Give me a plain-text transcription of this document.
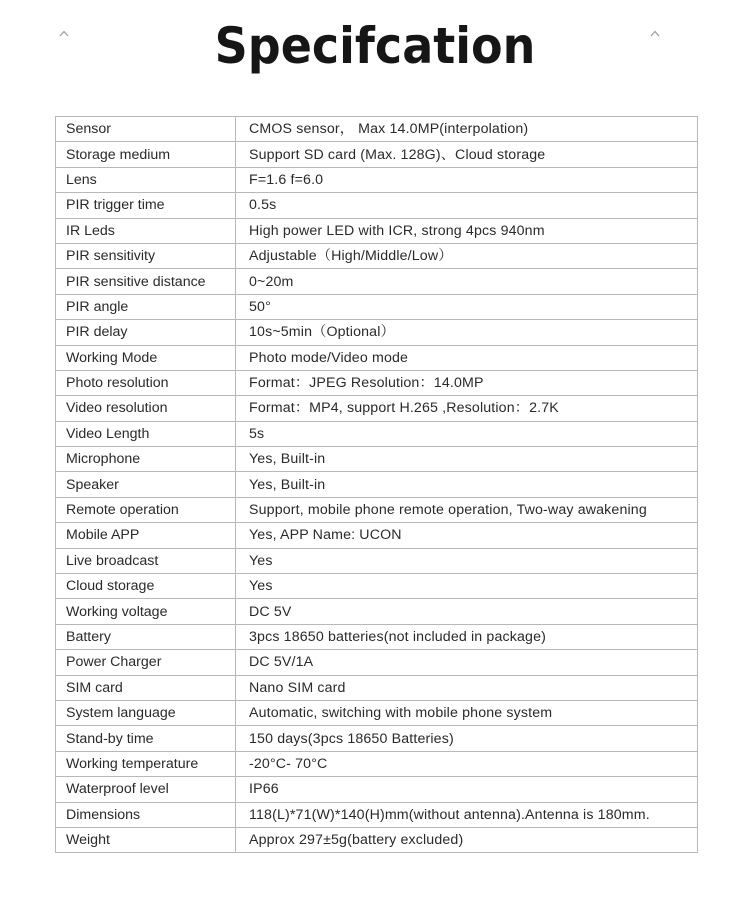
Specifcation
Sensor	CMOS sensor， Max 14.0MP(interpolation)
Storage medium	Support SD card (Max. 128G)、Cloud storage
Lens	F=1.6 f=6.0
PIR trigger time	0.5s
IR Leds	High power LED with ICR, strong 4pcs 940nm
PIR sensitivity	Adjustable（High/Middle/Low）
PIR sensitive distance	0~20m
PIR angle	50°
PIR delay	10s~5min（Optional）
Working Mode	Photo mode/Video mode
Photo resolution	Format：JPEG Resolution：14.0MP
Video resolution	Format：MP4, support H.265 ,Resolution：2.7K
Video Length	5s
Microphone	Yes, Built-in
Speaker	Yes, Built-in
Remote operation	Support, mobile phone remote operation, Two-way awakening
Mobile APP	Yes, APP Name: UCON
Live broadcast	Yes
Cloud storage	Yes
Working voltage	DC 5V
Battery	3pcs 18650 batteries(not included in package)
Power Charger	DC 5V/1A
SIM card	Nano SIM card
System language	Automatic, switching with mobile phone system
Stand-by time	150 days(3pcs 18650 Batteries)
Working temperature	-20°C- 70°C
Waterproof level	IP66
Dimensions	118(L)*71(W)*140(H)mm(without antenna).Antenna is 180mm.
Weight	Approx 297±5g(battery excluded)
